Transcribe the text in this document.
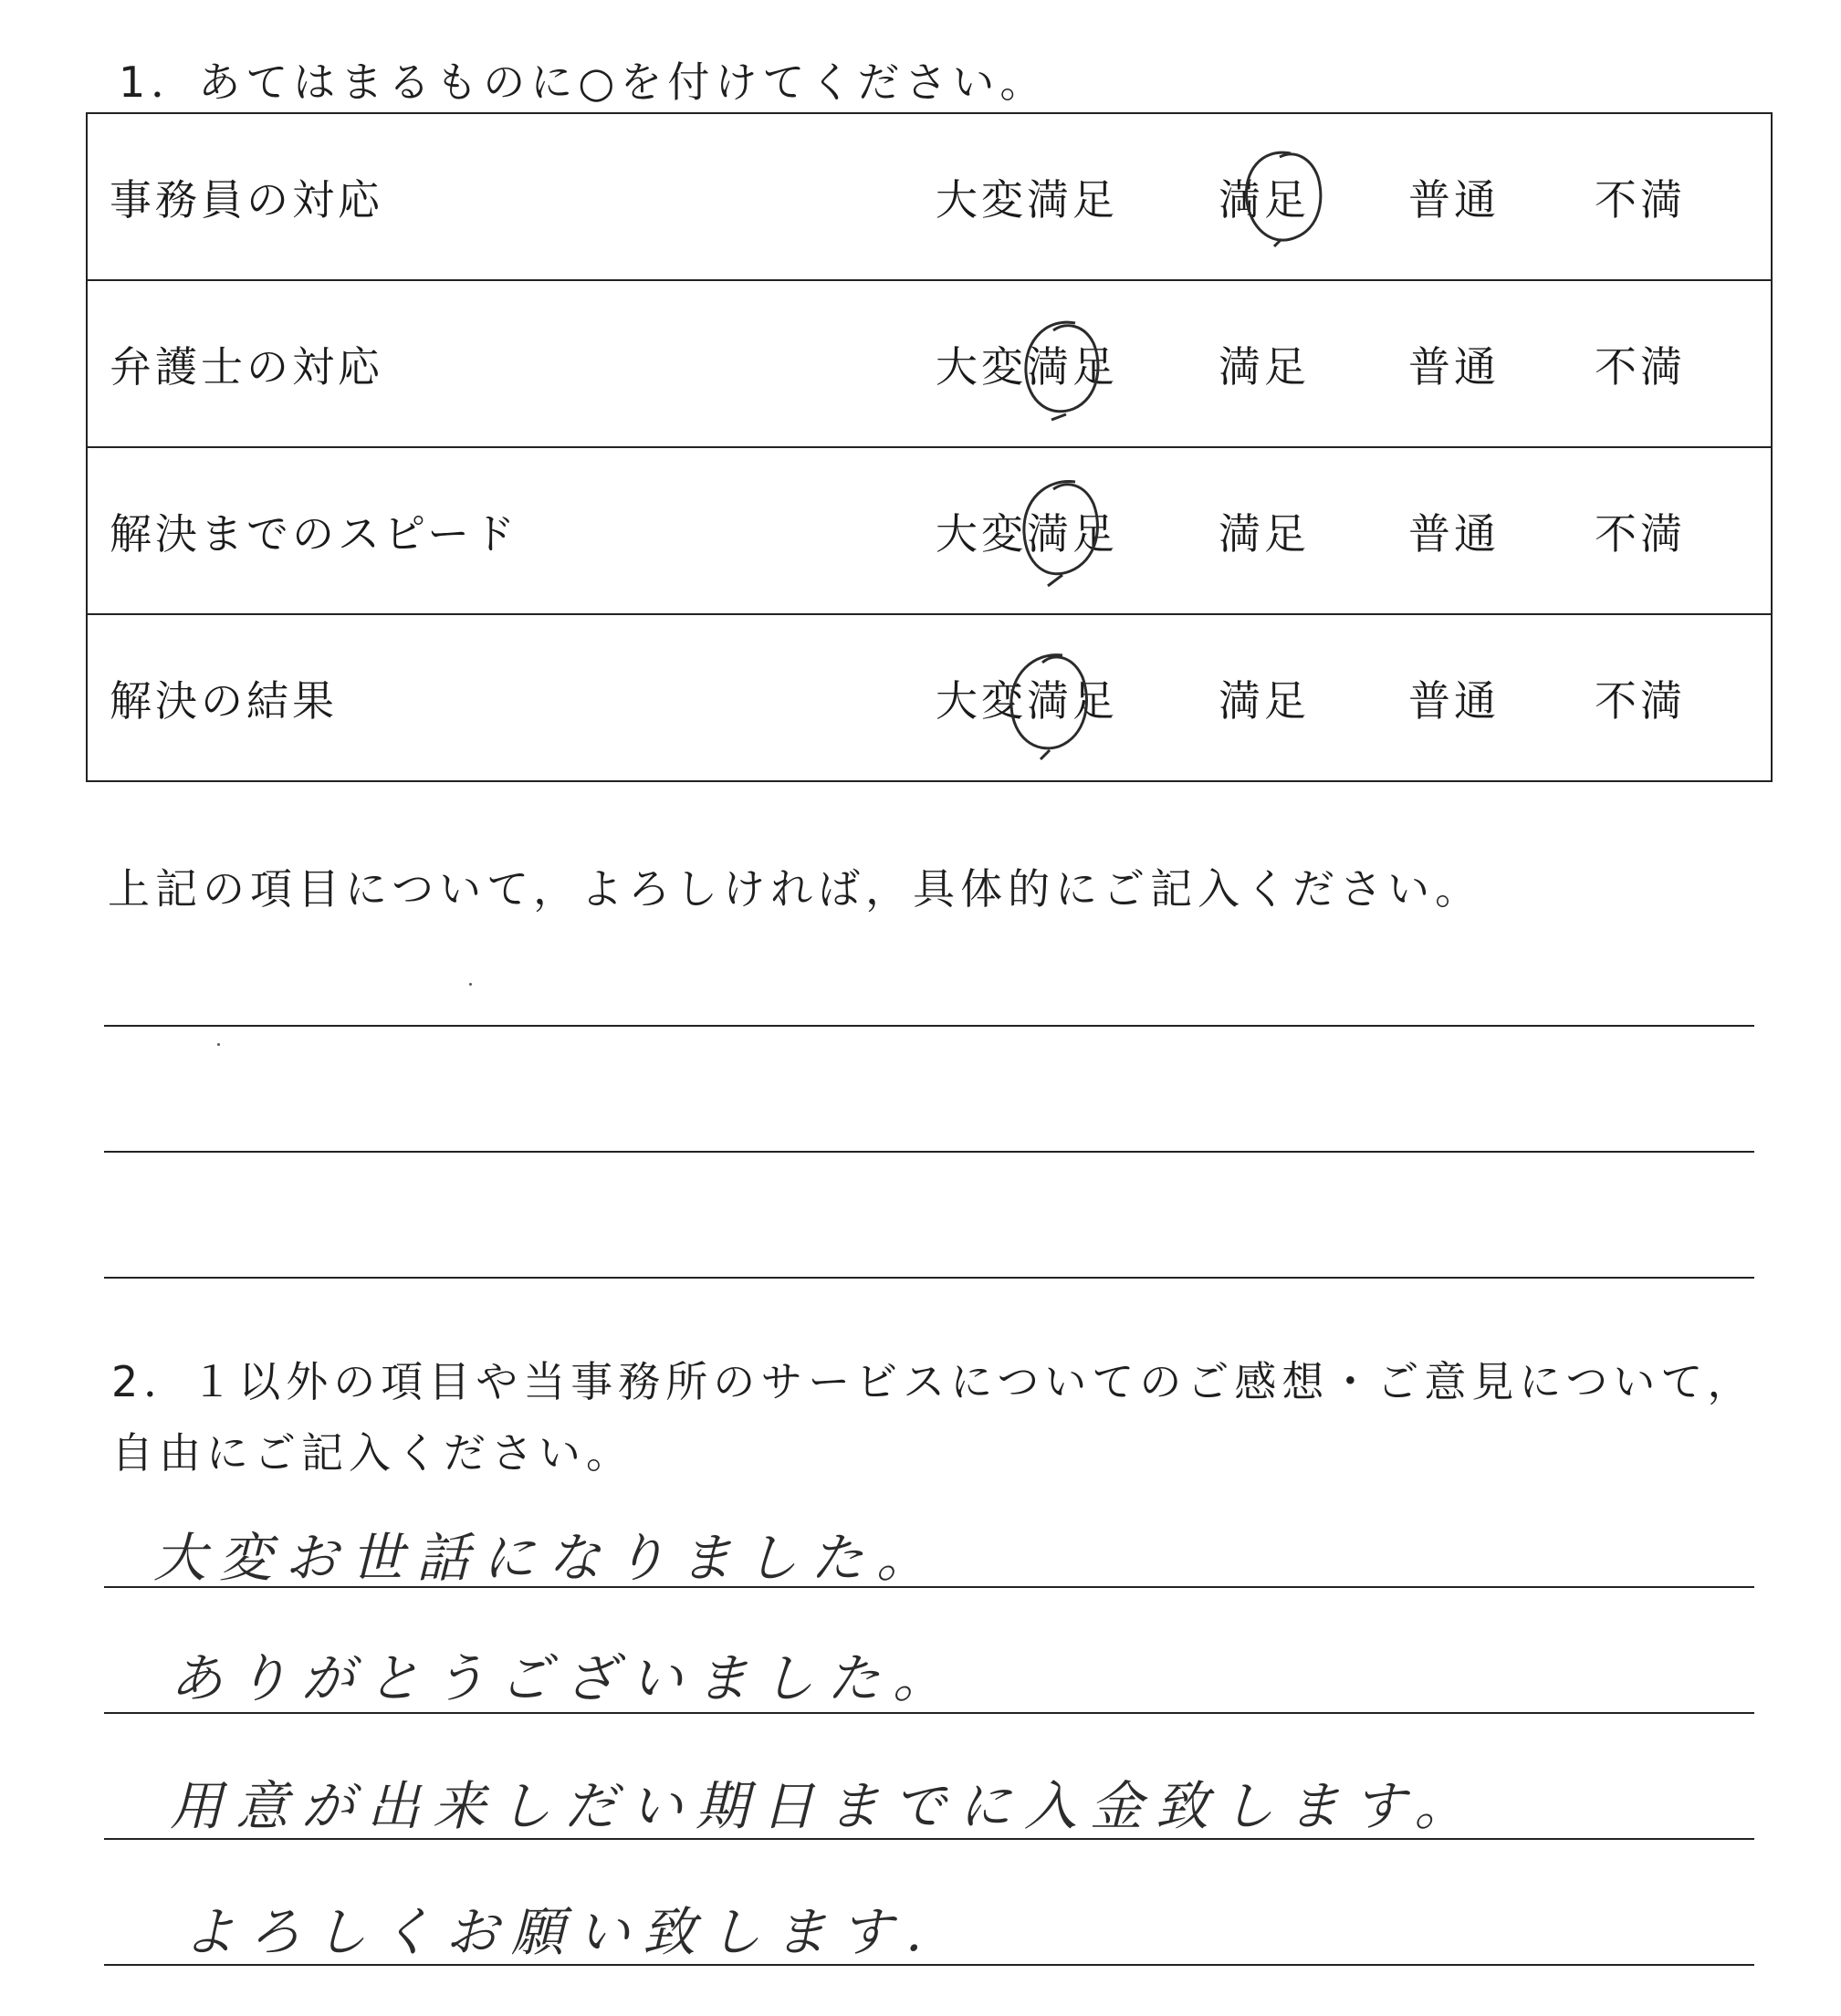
1．あてはまるものに○を付けてください。
事務員の対応	大変満足	満足	普通	不満
弁護士の対応	大変満足	満足	普通	不満
解決までのスピード	大変満足	満足	普通	不満
解決の結果	大変満足	満足	普通	不満
上記の項目について，よろしければ，具体的にご記入ください。
2．１以外の項目や当事務所のサービスについてのご感想・ご意見について，
自由にご記入ください。
大変お世話になりました。
ありがとうございました。
用意が出来しだい期日までに入金致します。
よろしくお願い致します.
